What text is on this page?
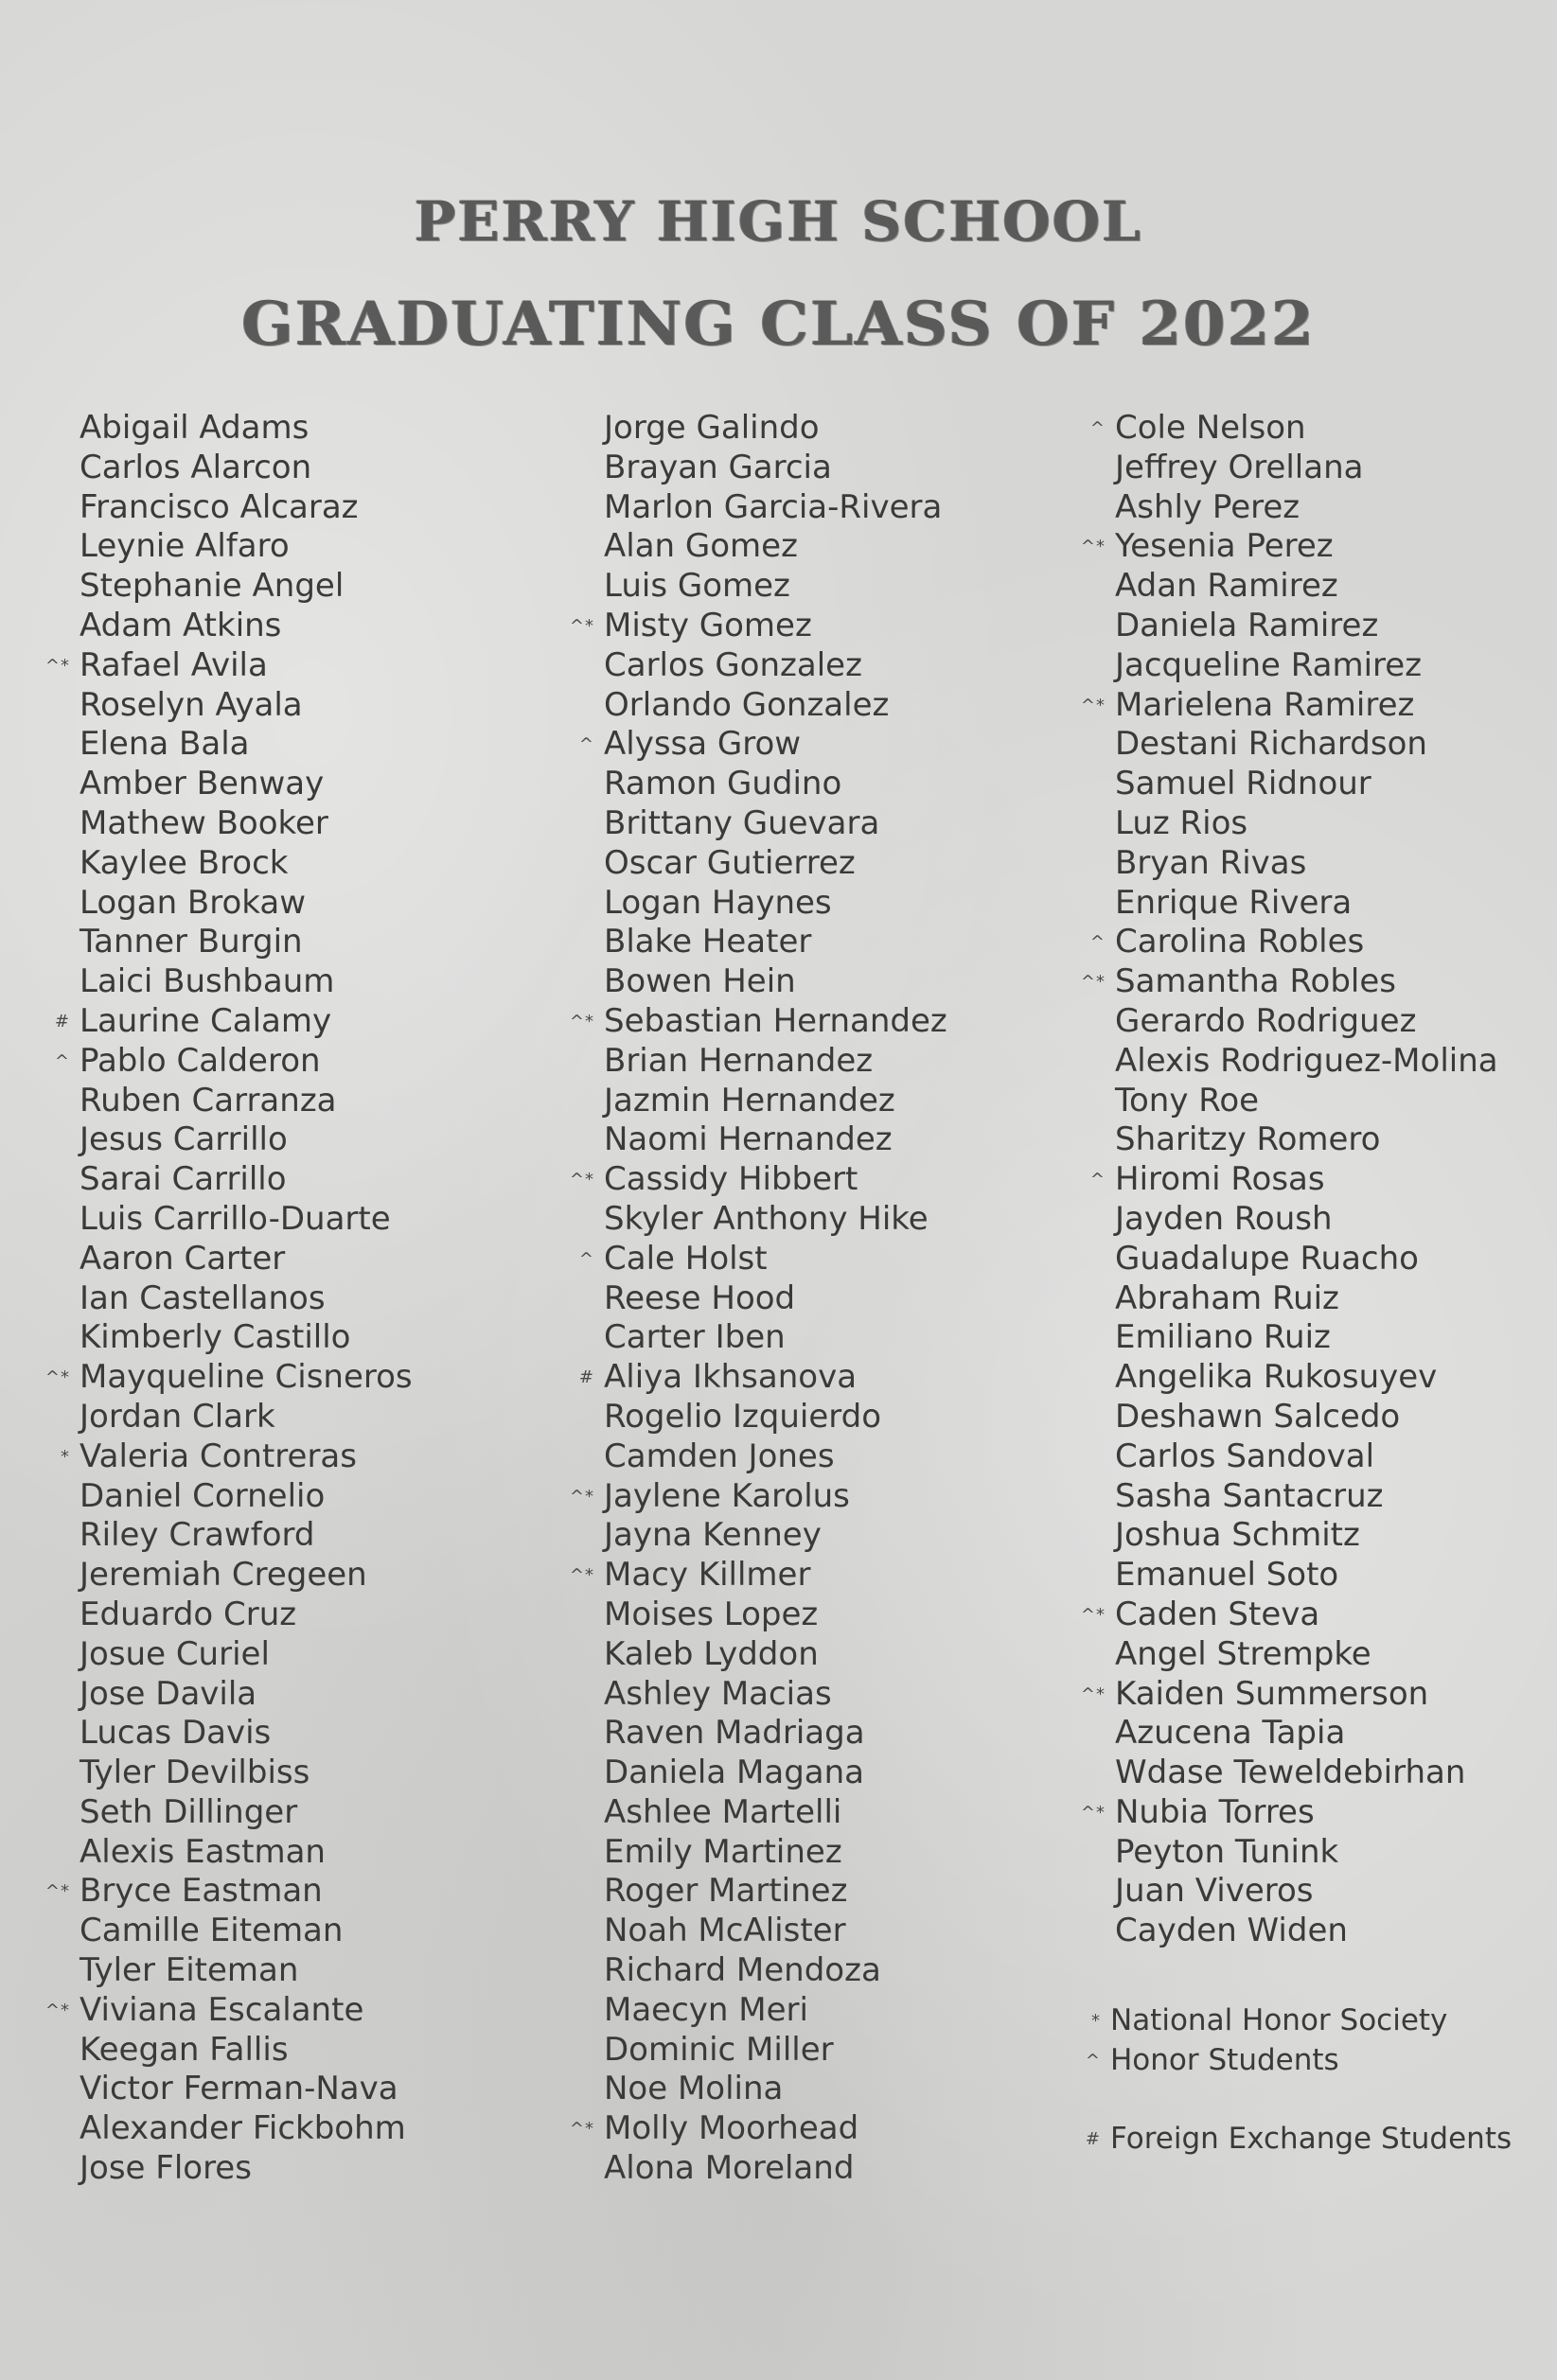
PERRY HIGH SCHOOL
GRADUATING CLASS OF 2022
Abigail Adams
Carlos Alarcon
Francisco Alcaraz
Leynie Alfaro
Stephanie Angel
Adam Atkins
^* Rafael Avila
Roselyn Ayala
Elena Bala
Amber Benway
Mathew Booker
Kaylee Brock
Logan Brokaw
Tanner Burgin
Laici Bushbaum
# Laurine Calamy
^ Pablo Calderon
Ruben Carranza
Jesus Carrillo
Sarai Carrillo
Luis Carrillo-Duarte
Aaron Carter
Ian Castellanos
Kimberly Castillo
^* Mayqueline Cisneros
Jordan Clark
* Valeria Contreras
Daniel Cornelio
Riley Crawford
Jeremiah Cregeen
Eduardo Cruz
Josue Curiel
Jose Davila
Lucas Davis
Tyler Devilbiss
Seth Dillinger
Alexis Eastman
^* Bryce Eastman
Camille Eiteman
Tyler Eiteman
^* Viviana Escalante
Keegan Fallis
Victor Ferman-Nava
Alexander Fickbohm
Jose Flores
Jorge Galindo
Brayan Garcia
Marlon Garcia-Rivera
Alan Gomez
Luis Gomez
^* Misty Gomez
Carlos Gonzalez
Orlando Gonzalez
^ Alyssa Grow
Ramon Gudino
Brittany Guevara
Oscar Gutierrez
Logan Haynes
Blake Heater
Bowen Hein
^* Sebastian Hernandez
Brian Hernandez
Jazmin Hernandez
Naomi Hernandez
^* Cassidy Hibbert
Skyler Anthony Hike
^ Cale Holst
Reese Hood
Carter Iben
# Aliya Ikhsanova
Rogelio Izquierdo
Camden Jones
^* Jaylene Karolus
Jayna Kenney
^* Macy Killmer
Moises Lopez
Kaleb Lyddon
Ashley Macias
Raven Madriaga
Daniela Magana
Ashlee Martelli
Emily Martinez
Roger Martinez
Noah McAlister
Richard Mendoza
Maecyn Meri
Dominic Miller
Noe Molina
^* Molly Moorhead
Alona Moreland
^ Cole Nelson
Jeffrey Orellana
Ashly Perez
^* Yesenia Perez
Adan Ramirez
Daniela Ramirez
Jacqueline Ramirez
^* Marielena Ramirez
Destani Richardson
Samuel Ridnour
Luz Rios
Bryan Rivas
Enrique Rivera
^ Carolina Robles
^* Samantha Robles
Gerardo Rodriguez
Alexis Rodriguez-Molina
Tony Roe
Sharitzy Romero
^ Hiromi Rosas
Jayden Roush
Guadalupe Ruacho
Abraham Ruiz
Emiliano Ruiz
Angelika Rukosuyev
Deshawn Salcedo
Carlos Sandoval
Sasha Santacruz
Joshua Schmitz
Emanuel Soto
^* Caden Steva
Angel Strempke
^* Kaiden Summerson
Azucena Tapia
Wdase Teweldebirhan
^* Nubia Torres
Peyton Tunink
Juan Viveros
Cayden Widen
* National Honor Society
^ Honor Students
# Foreign Exchange Students
